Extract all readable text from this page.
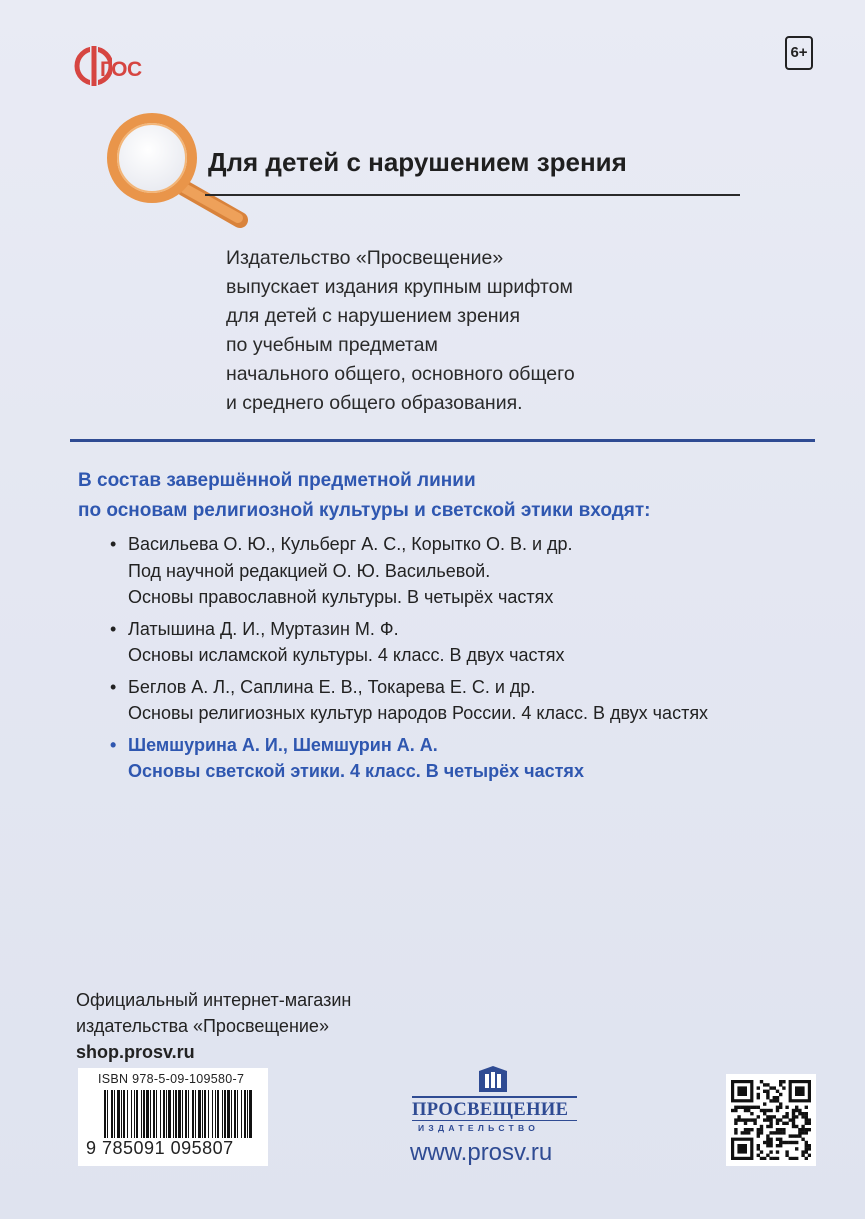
ГОС
6+
Для детей с нарушением зрения
Издательство «Просвещение»
выпускает издания крупным шрифтом
для детей с нарушением зрения
по учебным предметам
начального общего, основного общего
и среднего общего образования.
В состав завершённой предметной линии
по основам религиозной культуры и светской этики входят:
• Васильева О. Ю., Кульберг А. С., Корытко О. В. и др.
Под научной редакцией О. Ю. Васильевой.
Основы православной культуры. В четырёх частях
• Латышина Д. И., Муртазин М. Ф.
Основы исламской культуры. 4 класс. В двух частях
• Беглов А. Л., Саплина Е. В., Токарева Е. С. и др.
Основы религиозных культур народов России. 4 класс. В двух частях
• Шемшурина А. И., Шемшурин А. А.
Основы светской этики. 4 класс. В четырёх частях
Официальный интернет-магазин
издательства «Просвещение»
shop.prosv.ru
ISBN 978-5-09-109580-7
9 785091 095807
ПРОСВЕЩЕНИЕ
ИЗДАТЕЛЬСТВО
www.prosv.ru
